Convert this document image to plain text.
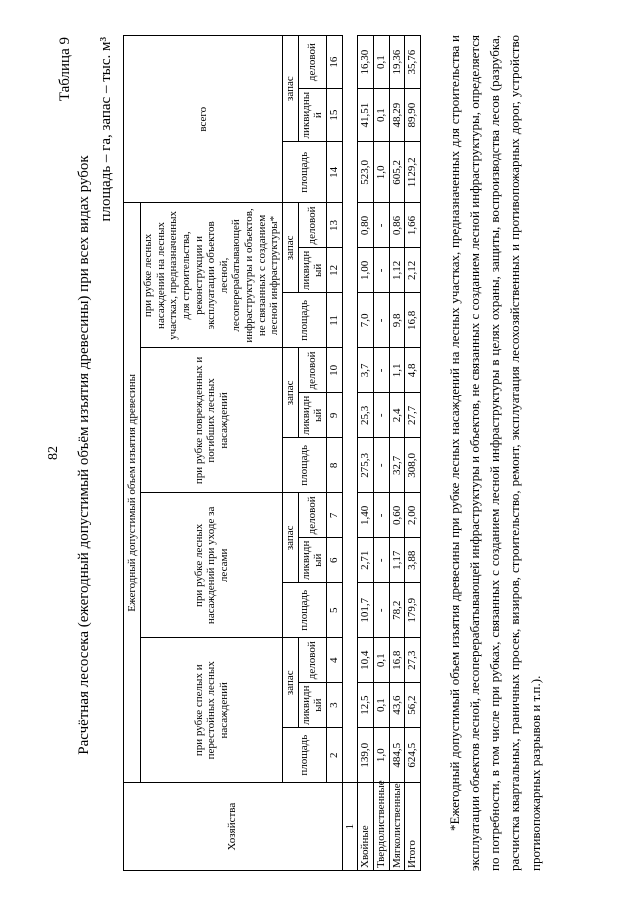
82
Таблица 9
Расчётная лесосека (ежегодный допустимый объём изъятия древесины) при всех видах рубок
площадь – га, запас – тыс. м³
Хозяйства	Ежегодный допустимый объем изъятия древесины												всего		
	при рубке спелых и перестойных лесных насаждений			при рубке лесных насаждений при уходе за лесами			при рубке поврежденных и погибших лесных насаждений			при рубке лесных насаждений на лесных участках, предназначенных для строительства, реконструкции и эксплуатации объектов лесной, лесоперерабатывающей инфраструктуры и объектов, не связанных с созданием лесной инфраструктуры*					
	площадь	запас		площадь	запас		площадь	запас		площадь	запас		площадь	запас	
		ликвидный	деловой		ликвидный	деловой		ликвидный	деловой		ликвидный	деловой		ликвидный	деловой
	2	3	4	5	6	7	8	9	10	11	12	13	14	15	16
1															
Хвойные	139,0	12,5	10,4	101,7	2,71	1,40	275,3	25,3	3,7	7,0	1,00	0,80	523,0	41,51	16,30
Твердолиственные	1,0	0,1	0,1	-	-	-	-	-	-	-	-	-	1,0	0,1	0,1
Мягколиственные	484,5	43,6	16,8	78,2	1,17	0,60	32,7	2,4	1,1	9,8	1,12	0,86	605,2	48,29	19,36
Итого	624,5	56,2	27,3	179,9	3,88	2,00	308,0	27,7	4,8	16,8	2,12	1,66	1129,2	89,90	35,76 *Ежегодный допустимый объем изъятия древесины при рубке лесных насаждений на лесных участках, предназначенных для строительства и эксплуатации объектов лесной, лесоперерабатывающей инфраструктуры и объектов, не связанных с созданием лесной инфраструктуры, определяется по потребности, в том числе при рубках, связанных с созданием лесной инфраструктуры в целях охраны, защиты, воспроизводства лесов (разрубка, расчистка квартальных, граничных просек, визиров, строительство, ремонт, эксплуатация лесохозяйственных и противопожарных дорог, устройство противопожарных разрывов и т.п.).
